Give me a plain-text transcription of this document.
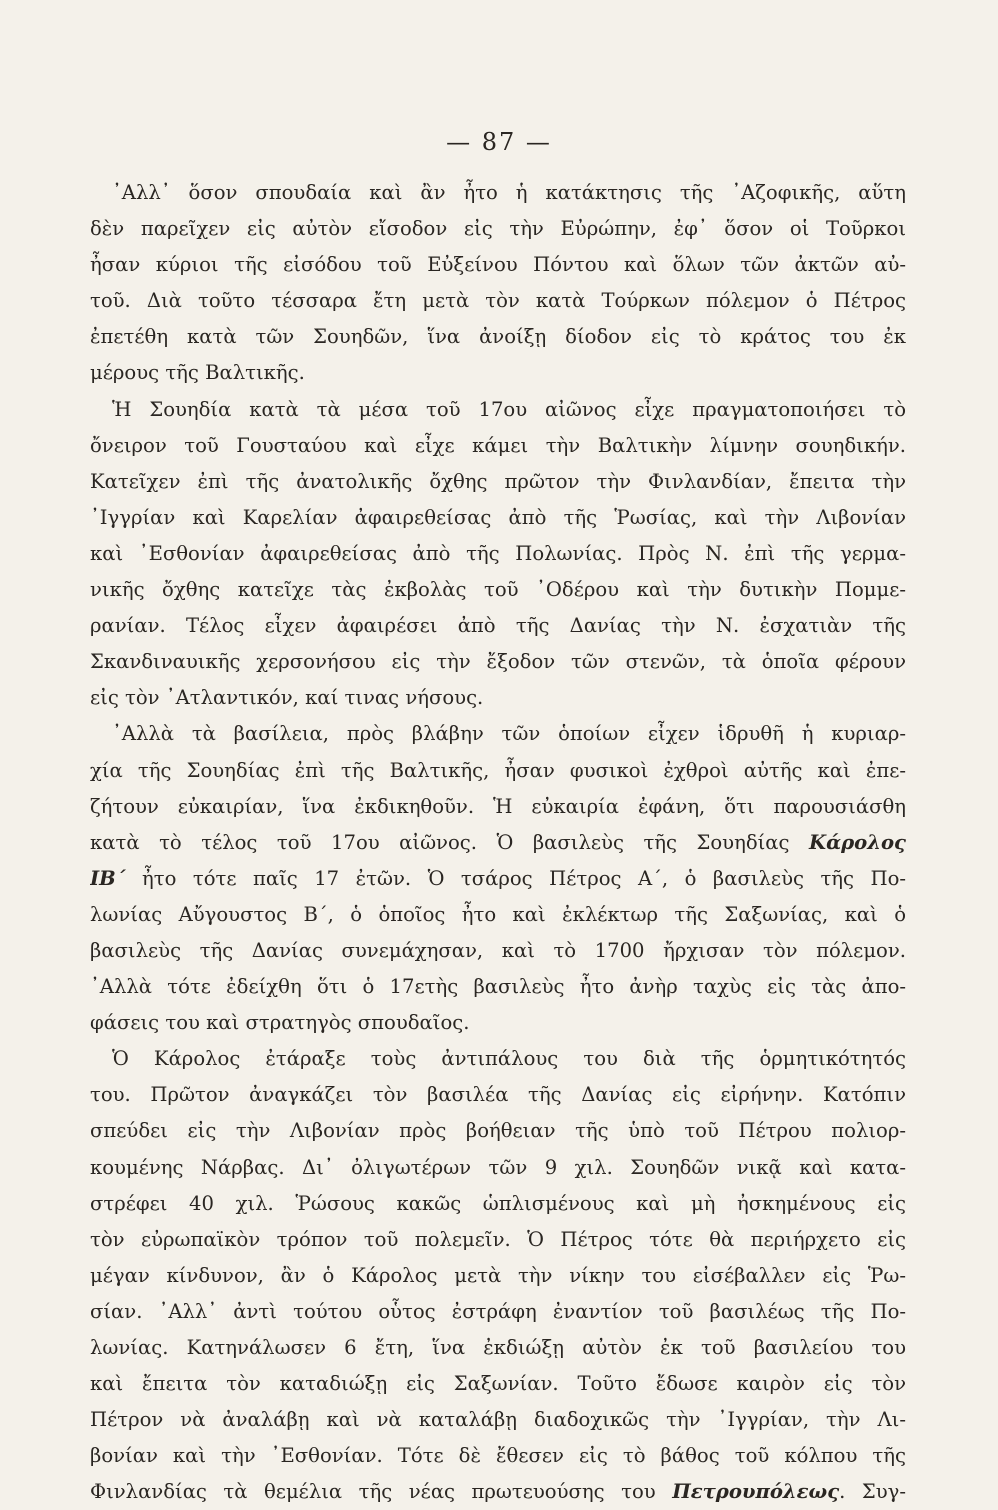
— 87 —
᾿Αλλ᾿ ὅσον σπουδαία καὶ ἂν ἦτο ἡ κατάκτησις τῆς ᾿Αζοφικῆς, αὕτη
δὲν παρεῖχεν εἰς αὐτὸν εἴσοδον εἰς τὴν Εὐρώπην, ἐφ᾿ ὅσον οἱ Τοῦρκοι
ἦσαν κύριοι τῆς εἰσόδου τοῦ Εὐξείνου Πόντου καὶ ὅλων τῶν ἀκτῶν αὐ-
τοῦ. Διὰ τοῦτο τέσσαρα ἔτη μετὰ τὸν κατὰ Τούρκων πόλεμον ὁ Πέτρος
ἐπετέθη κατὰ τῶν Σουηδῶν, ἵνα ἀνοίξῃ δίοδον εἰς τὸ κράτος του ἐκ
μέρους τῆς Βαλτικῆς.
Ἡ Σουηδία κατὰ τὰ μέσα τοῦ 17ου αἰῶνος εἶχε πραγματοποιήσει τὸ
ὄνειρον τοῦ Γουσταύου καὶ εἶχε κάμει τὴν Βαλτικὴν λίμνην σουηδικήν.
Κατεῖχεν ἐπὶ τῆς ἀνατολικῆς ὄχθης πρῶτον τὴν Φινλανδίαν, ἔπειτα τὴν
᾿Ιγγρίαν καὶ Καρελίαν ἀφαιρεθείσας ἀπὸ τῆς Ῥωσίας, καὶ τὴν Λιβονίαν
καὶ ᾿Εσθονίαν ἀφαιρεθείσας ἀπὸ τῆς Πολωνίας. Πρὸς Ν. ἐπὶ τῆς γερμα-
νικῆς ὄχθης κατεῖχε τὰς ἐκβολὰς τοῦ ᾿Οδέρου καὶ τὴν δυτικὴν Πομμε-
ρανίαν. Τέλος εἶχεν ἀφαιρέσει ἀπὸ τῆς Δανίας τὴν Ν. ἐσχατιὰν τῆς
Σκανδιναυικῆς χερσονήσου εἰς τὴν ἔξοδον τῶν στενῶν, τὰ ὁποῖα φέρουν
εἰς τὸν ᾿Ατλαντικόν, καί τινας νήσους.
᾿Αλλὰ τὰ βασίλεια, πρὸς βλάβην τῶν ὁποίων εἶχεν ἱδρυθῆ ἡ κυριαρ-
χία τῆς Σουηδίας ἐπὶ τῆς Βαλτικῆς, ἦσαν φυσικοὶ ἐχθροὶ αὐτῆς καὶ ἐπε-
ζήτουν εὐκαιρίαν, ἵνα ἐκδικηθοῦν. Ἡ εὐκαιρία ἐφάνη, ὅτι παρουσιάσθη
κατὰ τὸ τέλος τοῦ 17ου αἰῶνος. Ὁ βασιλεὺς τῆς Σουηδίας Κάρολος
ΙΒ΄ ἦτο τότε παῖς 17 ἐτῶν. Ὁ τσάρος Πέτρος Α΄, ὁ βασιλεὺς τῆς Πο-
λωνίας Αὔγουστος Β΄, ὁ ὁποῖος ἦτο καὶ ἐκλέκτωρ τῆς Σαξωνίας, καὶ ὁ
βασιλεὺς τῆς Δανίας συνεμάχησαν, καὶ τὸ 1700 ἤρχισαν τὸν πόλεμον.
᾿Αλλὰ τότε ἐδείχθη ὅτι ὁ 17ετὴς βασιλεὺς ἦτο ἀνὴρ ταχὺς εἰς τὰς ἀπο-
φάσεις του καὶ στρατηγὸς σπουδαῖος.
Ὁ Κάρολος ἐτάραξε τοὺς ἀντιπάλους του διὰ τῆς ὁρμητικότητός
του. Πρῶτον ἀναγκάζει τὸν βασιλέα τῆς Δανίας εἰς εἰρήνην. Κατόπιν
σπεύδει εἰς τὴν Λιβονίαν πρὸς βοήθειαν τῆς ὑπὸ τοῦ Πέτρου πολιορ-
κουμένης Νάρβας. Δι᾿ ὀλιγωτέρων τῶν 9 χιλ. Σουηδῶν νικᾷ καὶ κατα-
στρέφει 40 χιλ. Ῥώσους κακῶς ὡπλισμένους καὶ μὴ ἠσκημένους εἰς
τὸν εὐρωπαϊκὸν τρόπον τοῦ πολεμεῖν. Ὁ Πέτρος τότε θὰ περιήρχετο εἰς
μέγαν κίνδυνον, ἂν ὁ Κάρολος μετὰ τὴν νίκην του εἰσέβαλλεν εἰς Ῥω-
σίαν. ᾿Αλλ᾿ ἀντὶ τούτου οὗτος ἐστράφη ἐναντίον τοῦ βασιλέως τῆς Πο-
λωνίας. Κατηνάλωσεν 6 ἔτη, ἵνα ἐκδιώξῃ αὐτὸν ἐκ τοῦ βασιλείου του
καὶ ἔπειτα τὸν καταδιώξῃ εἰς Σαξωνίαν. Τοῦτο ἔδωσε καιρὸν εἰς τὸν
Πέτρον νὰ ἀναλάβῃ καὶ νὰ καταλάβῃ διαδοχικῶς τὴν ᾿Ιγγρίαν, τὴν Λι-
βονίαν καὶ τὴν ᾿Εσθονίαν. Τότε δὲ ἔθεσεν εἰς τὸ βάθος τοῦ κόλπου τῆς
Φινλανδίας τὰ θεμέλια τῆς νέας πρωτευούσης του Πετρουπόλεως. Συγ-
